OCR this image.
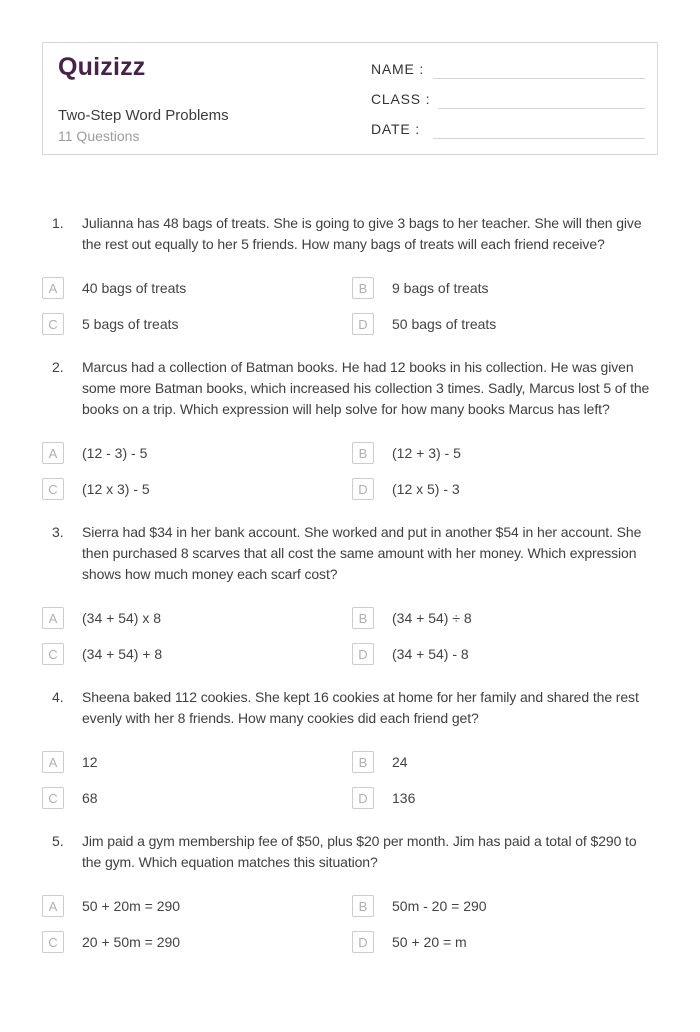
Quizizz
Two-Step Word Problems
11 Questions
NAME :
CLASS :
DATE :
1.	Julianna has 48 bags of treats. She is going to give 3 bags to her teacher. She will then give the rest out equally to her 5 friends. How many bags of treats will each friend receive?
A	40 bags of treats	B	9 bags of treats
C	5 bags of treats	D	50 bags of treats
2.	Marcus had a collection of Batman books. He had 12 books in his collection. He was given some more Batman books, which increased his collection 3 times. Sadly, Marcus lost 5 of the books on a trip. Which expression will help solve for how many books Marcus has left?
A	(12 - 3) - 5	B	(12 + 3) - 5
C	(12 x 3) - 5	D	(12 x 5) - 3
3.	Sierra had $34 in her bank account. She worked and put in another $54 in her account. She then purchased 8 scarves that all cost the same amount with her money. Which expression shows how much money each scarf cost?
A	(34 + 54) x 8	B	(34 + 54) ÷ 8
C	(34 + 54) + 8	D	(34 + 54) - 8
4.	Sheena baked 112 cookies. She kept 16 cookies at home for her family and shared the rest evenly with her 8 friends. How many cookies did each friend get?
A	12	B	24
C	68	D	136
5.	Jim paid a gym membership fee of $50, plus $20 per month. Jim has paid a total of $290 to the gym. Which equation matches this situation?
A	50 + 20m = 290	B	50m - 20 = 290
C	20 + 50m = 290	D	50 + 20 = m
